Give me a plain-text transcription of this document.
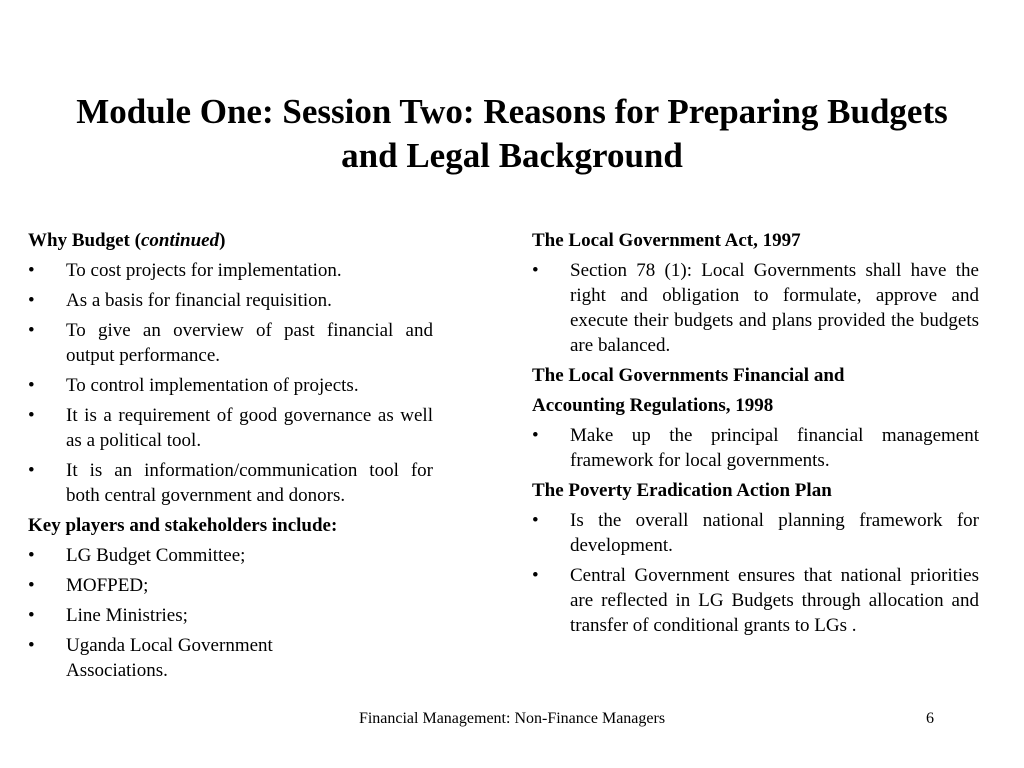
Module One: Session Two: Reasons for Preparing Budgets and Legal Background
Why Budget (continued)
•	To cost projects for implementation.
•	As a basis for financial requisition.
•	To give an overview of past financial and output performance.
•	To control implementation of projects.
•	It is a requirement of good governance as well as a political tool.
•	It is an information/communication tool for both central government and donors.
Key players and stakeholders include:
•	LG Budget Committee;
•	MOFPED;
•	Line Ministries;
•	Uganda Local Government Associations.
The Local Government Act, 1997
•	Section 78 (1): Local Governments shall have the right and obligation to formulate, approve and execute their budgets and plans provided the budgets are balanced.
The Local Governments Financial and
Accounting Regulations, 1998
•	Make up the principal financial management framework for local governments.
The Poverty Eradication Action Plan
•	Is the overall national planning framework for development.
•	Central Government ensures that national priorities are reflected in LG Budgets through allocation and transfer of conditional grants to LGs .
Financial Management: Non-Finance Managers	6
